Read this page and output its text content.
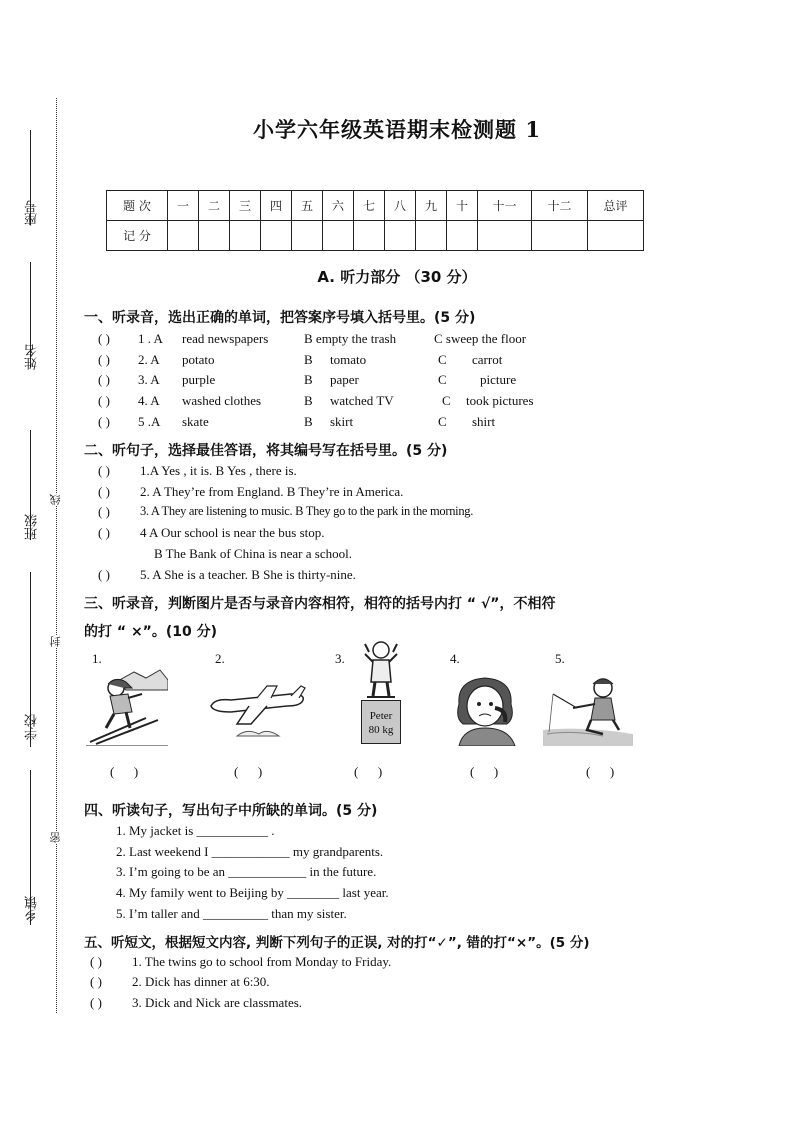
座号
姓名
班级
学校
乡镇
线
封
密
小学六年级英语期末检测题 1
题 次	一	二	三	四	五	六	七	八	九	十	十一	十二	总评
记 分													
A. 听力部分 （30 分）
一、听录音，选出正确的单词，把答案序号填入括号里。(5 分)
( ) 1 . A read newspapers	B empty the trash	C sweep the floor
( ) 2. A potato	B tomato	C carrot
( ) 3. A purple	B paper	C	picture
( ) 4. A washed clothes	B watched TV	C took pictures
( ) 5 .A skate	B skirt	C shirt
二、听句子，选择最佳答语，将其编号写在括号里。(5 分)
( ) 1.A Yes , it is. B Yes , there is.
( ) 2. A They’re from England. B They’re in America.
( ) 3. A They are listening to music. B They go to the park in the morning.
( ) 4 A Our school is near the bus stop.
B The Bank of China is near a school.
( ) 5. A She is a teacher. B She is thirty-nine.
三、听录音，判断图片是否与录音内容相符，相符的括号内打 “ √”，不相符
的打 “ ×”。(10 分)
1.	2.	3.	4.	5.
Peter
80 kg
(      )	(      )	(      )	(      )	(      )
四、听读句子，写出句子中所缺的单词。(5 分)
1. My jacket is ___________ .
2. Last weekend I ____________ my grandparents.
3. I’m going to be an ____________ in the future.
4. My family went to Beijing by ________ last year.
5. I’m taller and __________ than my sister.
五、听短文，根据短文内容, 判断下列句子的正误, 对的打“✓”, 错的打“×”。(5 分)
( ) 1. The twins go to school from Monday to Friday.
( ) 2. Dick has dinner at 6:30.
( ) 3. Dick and Nick are classmates.
